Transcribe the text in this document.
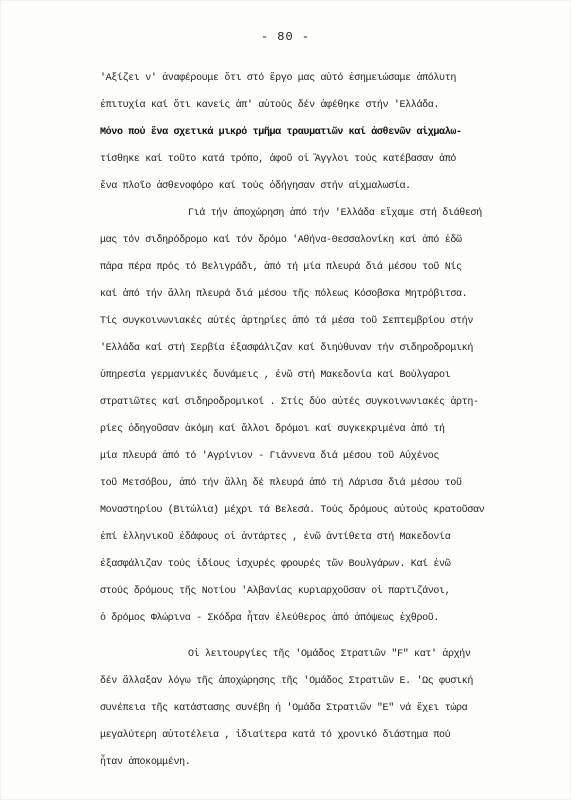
- 80 -
'Αξίζει ν' ἀναφέρουμε ὅτι στό ἔργο μας αὐτό ἐσημειώσαμε ἀπόλυτη
ἐπιτυχία καί ὅτι κανείς ἀπ' αὐτούς δέν ἀφέθηκε στήν 'Ελλάδα.
Μόνο πού ἕνα σχετικά μικρό τμῆμα τραυματιῶν καί ἀσθενῶν αἰχμαλω-
τίσθηκε καί τοῦτο κατά τρόπο, ἀφοῦ οἱ Ἄγγλοι τούς κατέβασαν ἀπό
ἕνα πλοῖο ἀσθενοφόρο καί τούς ὁδήγησαν στήν αἰχμαλωσία.
Γιά τήν ἀποχώρηση ἀπό τήν 'Ελλάδα εἴχαμε στή διάθεσή
μας τόν σιδηρόδρομο καί τόν δρόμο 'Αθήνα-Θεσσαλονίκη καί ἀπό ἐδῶ
πάρα πέρα πρός τό Βελιγράδι, ἀπό τή μία πλευρά διά μέσου τοῦ Νίς
καί ἀπό τήν ἄλλη πλευρά διά μέσου τῆς πόλεως Κόσοβσκα Μητρόβιτσα.
Τίς συγκοινωνιακές αὐτές ἀρτηρίες ἀπό τά μέσα τοῦ Σεπτεμβρίου στήν
'Ελλάδα καί στή Σερβία ἐξασφάλιζαν καί διηύθυναν τήν σιδηροδρομική
ὑπηρεσία γερμανικές δυνάμεις , ἐνῶ στή Μακεδονία καί Βούλγαροι
στρατιῶτες καί σιδηροδρομικοί . Στίς δύο αὐτές συγκοινωνιακές ἀρτη-
ρίες ὁδηγοῦσαν ἀκόμη καί ἄλλοι δρόμοι καί συγκεκριμένα ἀπό τή
μία πλευρά ἀπό τό 'Αγρίνιον - Γιάννενα διά μέσου τοῦ Αὐχένος
τοῦ Μετσόβου, ἀπό τήν ἄλλη δέ πλευρά ἀπό τή Λάρισα διά μέσου τοῦ
Μοναστηρίου (Βιτώλια) μέχρι τά Βελεσά. Τούς δρόμους αὐτούς κρατοῦσαν
ἐπί ἑλληνικοῦ ἐδάφους οἱ ἀντάρτες , ἐνῶ ἀντίθετα στή Μακεδονία
ἐξασφάλιζαν τούς ἰδίους ἰσχυρές φρουρές τῶν Βουλγάρων. Καί ἐνῶ
στούς δρόμους τῆς Νοτίου 'Αλβανίας κυριαρχοῦσαν οἱ παρτιζάνοι,
ὁ δρόμος Φλώρινα - Σκόδρα ἦταν ἐλεύθερος ἀπό ἀπόψεως ἐχθροῦ.
Οἱ λειτουργίες τῆς 'Ομάδος Στρατιῶν "F" κατ' ἀρχήν
δέν ἄλλαξαν λόγω τῆς ἀποχώρησης τῆς 'Ομάδος Στρατιῶν Ε. 'Ως φυσική
συνέπεια τῆς κατάστασης συνέβη ἡ 'Ομάδα Στρατιῶν "Ε" νά ἔχει τώρα
μεγαλύτερη αὐτοτέλεια , ἰδιαίτερα κατά τό χρονικό διάστημα πού
ἦταν ἀποκομμένη.
